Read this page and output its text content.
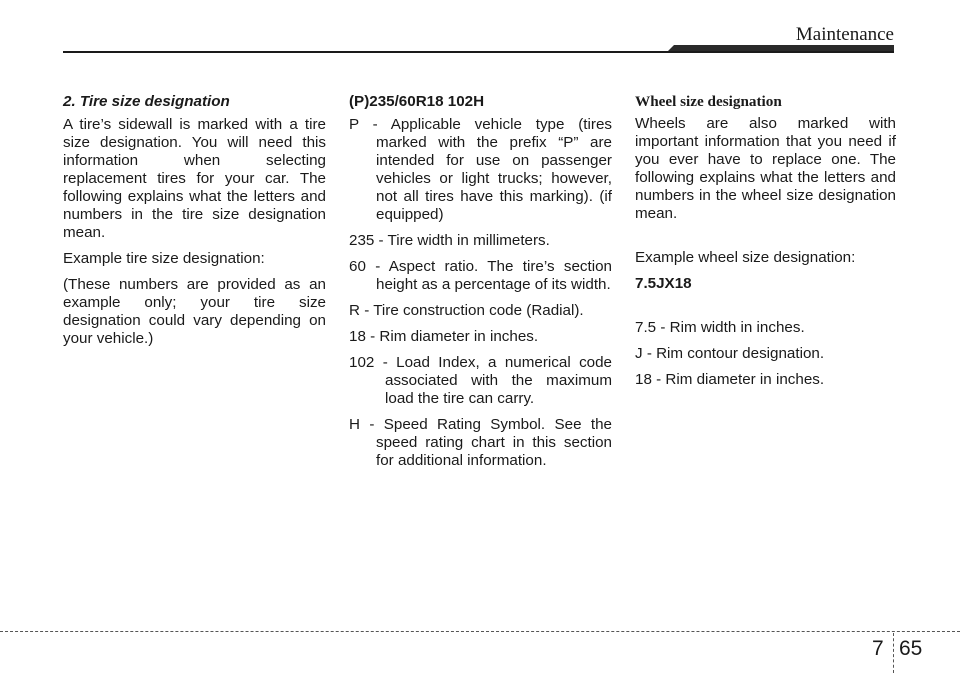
Maintenance

2. Tire size designation

A tire’s sidewall is marked with a tire size designation. You will need this information when selecting replacement tires for your car. The following explains what the letters and numbers in the tire size designation mean.

Example tire size designation:

(These numbers are provided as an example only; your tire size designation could vary depending on your vehicle.)

(P)235/60R18 102H

P - Applicable vehicle type (tires marked with the prefix “P” are intended for use on passenger vehicles or light trucks; however, not all tires have this marking). (if equipped)

235 - Tire width in millimeters.

60 - Aspect ratio. The tire’s section height as a percentage of its width.

R - Tire construction code (Radial).

18 - Rim diameter in inches.

102 - Load Index, a numerical code associated with the maximum load the tire can carry.

H - Speed Rating Symbol. See the speed rating chart in this section for additional information.

Wheel size designation

Wheels are also marked with important information that you need if you ever have to replace one. The following explains what the letters and numbers in the wheel size designation mean.

Example wheel size designation:

7.5JX18

7.5 - Rim width in inches.

J - Rim contour designation.

18 - Rim diameter in inches.

7 65
